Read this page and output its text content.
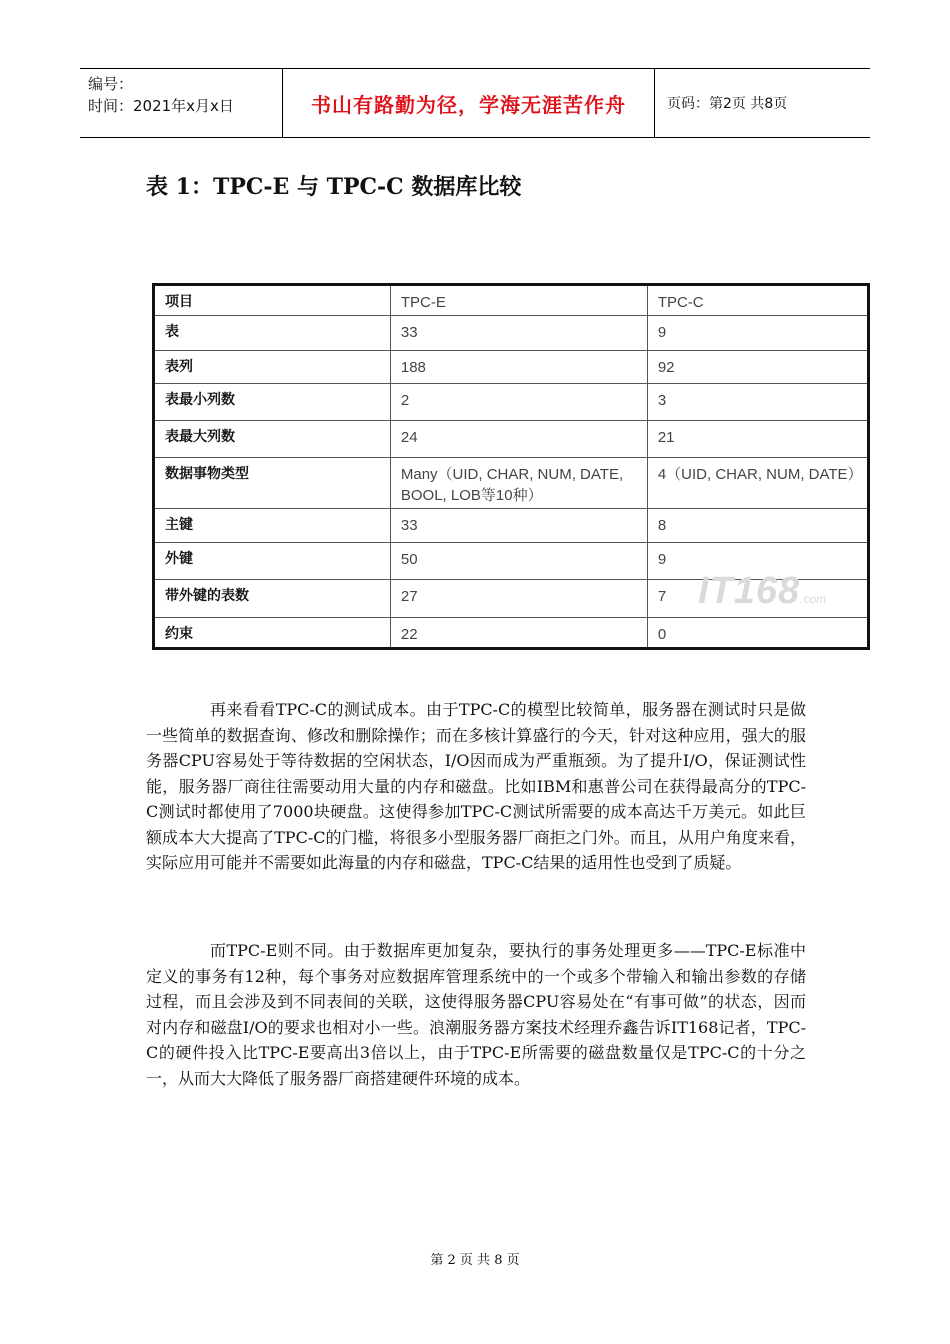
编号：
时间：2021年x月x日	书山有路勤为径，学海无涯苦作舟	页码：第2页 共8页
表 1：TPC-E 与 TPC-C 数据库比较
项目	TPC-E	TPC-C
表	33	9
表列	188	92
表最小列数	2	3
表最大列数	24	21
数据事物类型	Many（UID, CHAR, NUM, DATE, BOOL, LOB等10种）	4（UID, CHAR, NUM, DATE）
主键	33	8
外键	50	9
带外键的表数	27	7
约束	22	0
IT168.com

再来看看TPC-C的测试成本。由于TPC-C的模型比较简单，服务器在测试时只是做一些简单的数据查询、修改和删除操作；而在多核计算盛行的今天，针对这种应用，强大的服务器CPU容易处于等待数据的空闲状态，I/O因而成为严重瓶颈。为了提升I/O，保证测试性能，服务器厂商往往需要动用大量的内存和磁盘。比如IBM和惠普公司在获得最高分的TPC-C测试时都使用了7000块硬盘。这使得参加TPC-C测试所需要的成本高达千万美元。如此巨额成本大大提高了TPC-C的门槛，将很多小型服务器厂商拒之门外。而且，从用户角度来看，实际应用可能并不需要如此海量的内存和磁盘，TPC-C结果的适用性也受到了质疑。

而TPC-E则不同。由于数据库更加复杂，要执行的事务处理更多——TPC-E标准中定义的事务有12种，每个事务对应数据库管理系统中的一个或多个带输入和输出参数的存储过程，而且会涉及到不同表间的关联，这使得服务器CPU容易处在“有事可做”的状态，因而对内存和磁盘I/O的要求也相对小一些。浪潮服务器方案技术经理乔鑫告诉IT168记者，TPC-C的硬件投入比TPC-E要高出3倍以上，由于TPC-E所需要的磁盘数量仅是TPC-C的十分之一，从而大大降低了服务器厂商搭建硬件环境的成本。

第 2 页 共 8 页
